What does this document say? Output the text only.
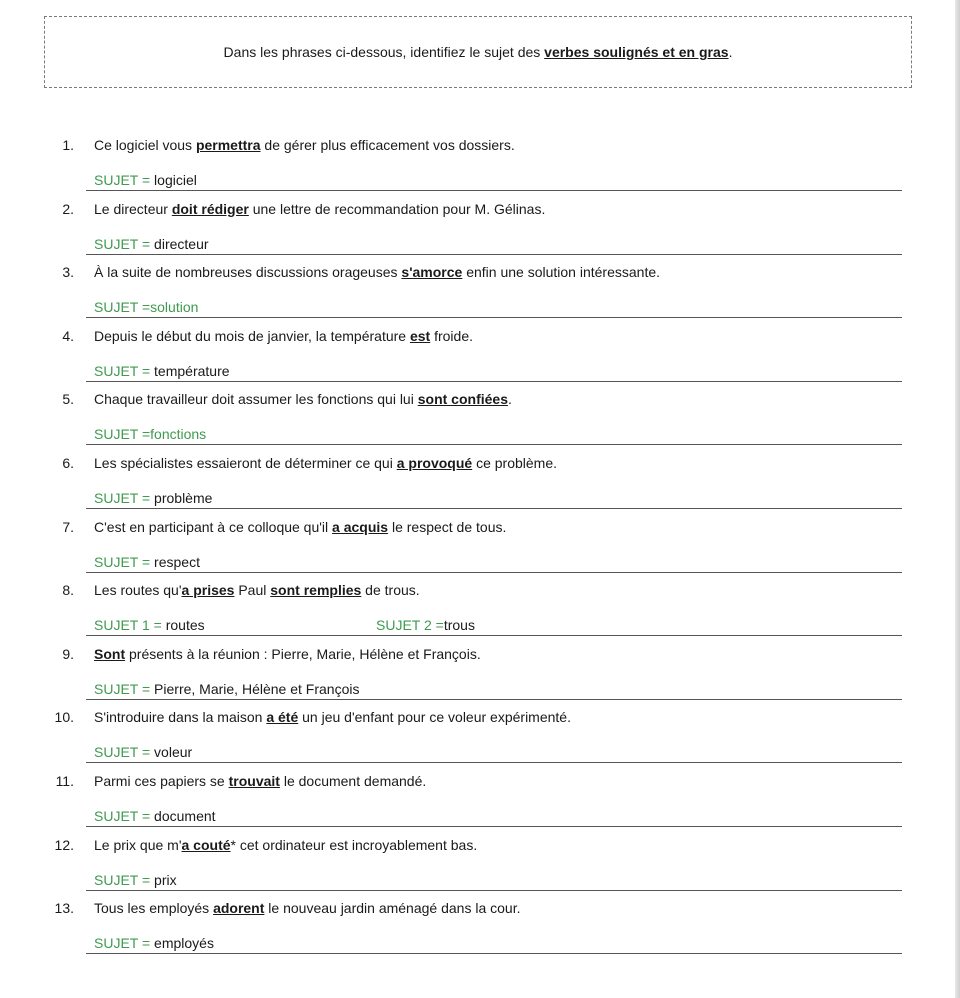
Dans les phrases ci-dessous, identifiez le sujet des verbes soulignés et en gras.
1. Ce logiciel vous permettra de gérer plus efficacement vos dossiers.
SUJET = logiciel
2. Le directeur doit rédiger une lettre de recommandation pour M. Gélinas.
SUJET = directeur
3. À la suite de nombreuses discussions orageuses s'amorce enfin une solution intéressante.
SUJET =solution
4. Depuis le début du mois de janvier, la température est froide.
SUJET = température
5. Chaque travailleur doit assumer les fonctions qui lui sont confiées.
SUJET =fonctions
6. Les spécialistes essaieront de déterminer ce qui a provoqué ce problème.
SUJET = problème
7. C'est en participant à ce colloque qu'il a acquis le respect de tous.
SUJET = respect
8. Les routes qu'a prises Paul sont remplies de trous.
SUJET 1 = routes	SUJET 2 =trous
9. Sont présents à la réunion : Pierre, Marie, Hélène et François.
SUJET = Pierre, Marie, Hélène et François
10. S'introduire dans la maison a été un jeu d'enfant pour ce voleur expérimenté.
SUJET = voleur
11. Parmi ces papiers se trouvait le document demandé.
SUJET = document
12. Le prix que m'a couté* cet ordinateur est incroyablement bas.
SUJET = prix
13. Tous les employés adorent le nouveau jardin aménagé dans la cour.
SUJET = employés
